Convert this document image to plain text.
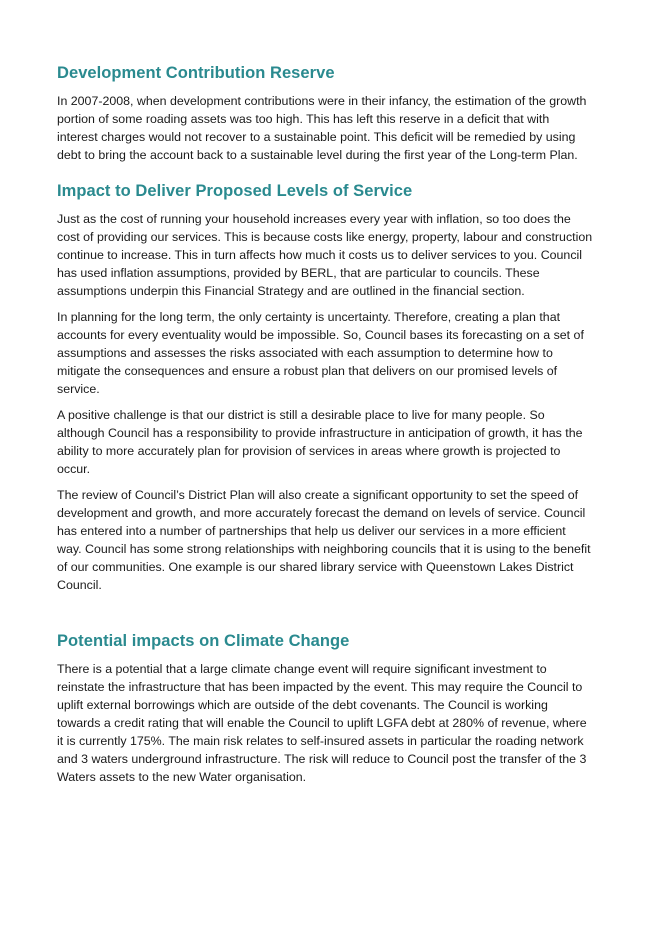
Development Contribution Reserve

In 2007-2008, when development contributions were in their infancy, the estimation of the growth portion of some roading assets was too high. This has left this reserve in a deficit that with interest charges would not recover to a sustainable point. This deficit will be remedied by using debt to bring the account back to a sustainable level during the first year of the Long-term Plan.

Impact to Deliver Proposed Levels of Service

Just as the cost of running your household increases every year with inflation, so too does the cost of providing our services. This is because costs like energy, property, labour and construction continue to increase. This in turn affects how much it costs us to deliver services to you. Council has used inflation assumptions, provided by BERL, that are particular to councils. These assumptions underpin this Financial Strategy and are outlined in the financial section.

In planning for the long term, the only certainty is uncertainty. Therefore, creating a plan that accounts for every eventuality would be impossible. So, Council bases its forecasting on a set of assumptions and assesses the risks associated with each assumption to determine how to mitigate the consequences and ensure a robust plan that delivers on our promised levels of service.

A positive challenge is that our district is still a desirable place to live for many people. So although Council has a responsibility to provide infrastructure in anticipation of growth, it has the ability to more accurately plan for provision of services in areas where growth is projected to occur.

The review of Council’s District Plan will also create a significant opportunity to set the speed of development and growth, and more accurately forecast the demand on levels of service. Council has entered into a number of partnerships that help us deliver our services in a more efficient way. Council has some strong relationships with neighboring councils that it is using to the benefit of our communities. One example is our shared library service with Queenstown Lakes District Council.

Potential impacts on Climate Change

There is a potential that a large climate change event will require significant investment to reinstate the infrastructure that has been impacted by the event. This may require the Council to uplift external borrowings which are outside of the debt covenants. The Council is working towards a credit rating that will enable the Council to uplift LGFA debt at 280% of revenue, where it is currently 175%. The main risk relates to self-insured assets in particular the roading network and 3 waters underground infrastructure. The risk will reduce to Council post the transfer of the 3 Waters assets to the new Water organisation.
